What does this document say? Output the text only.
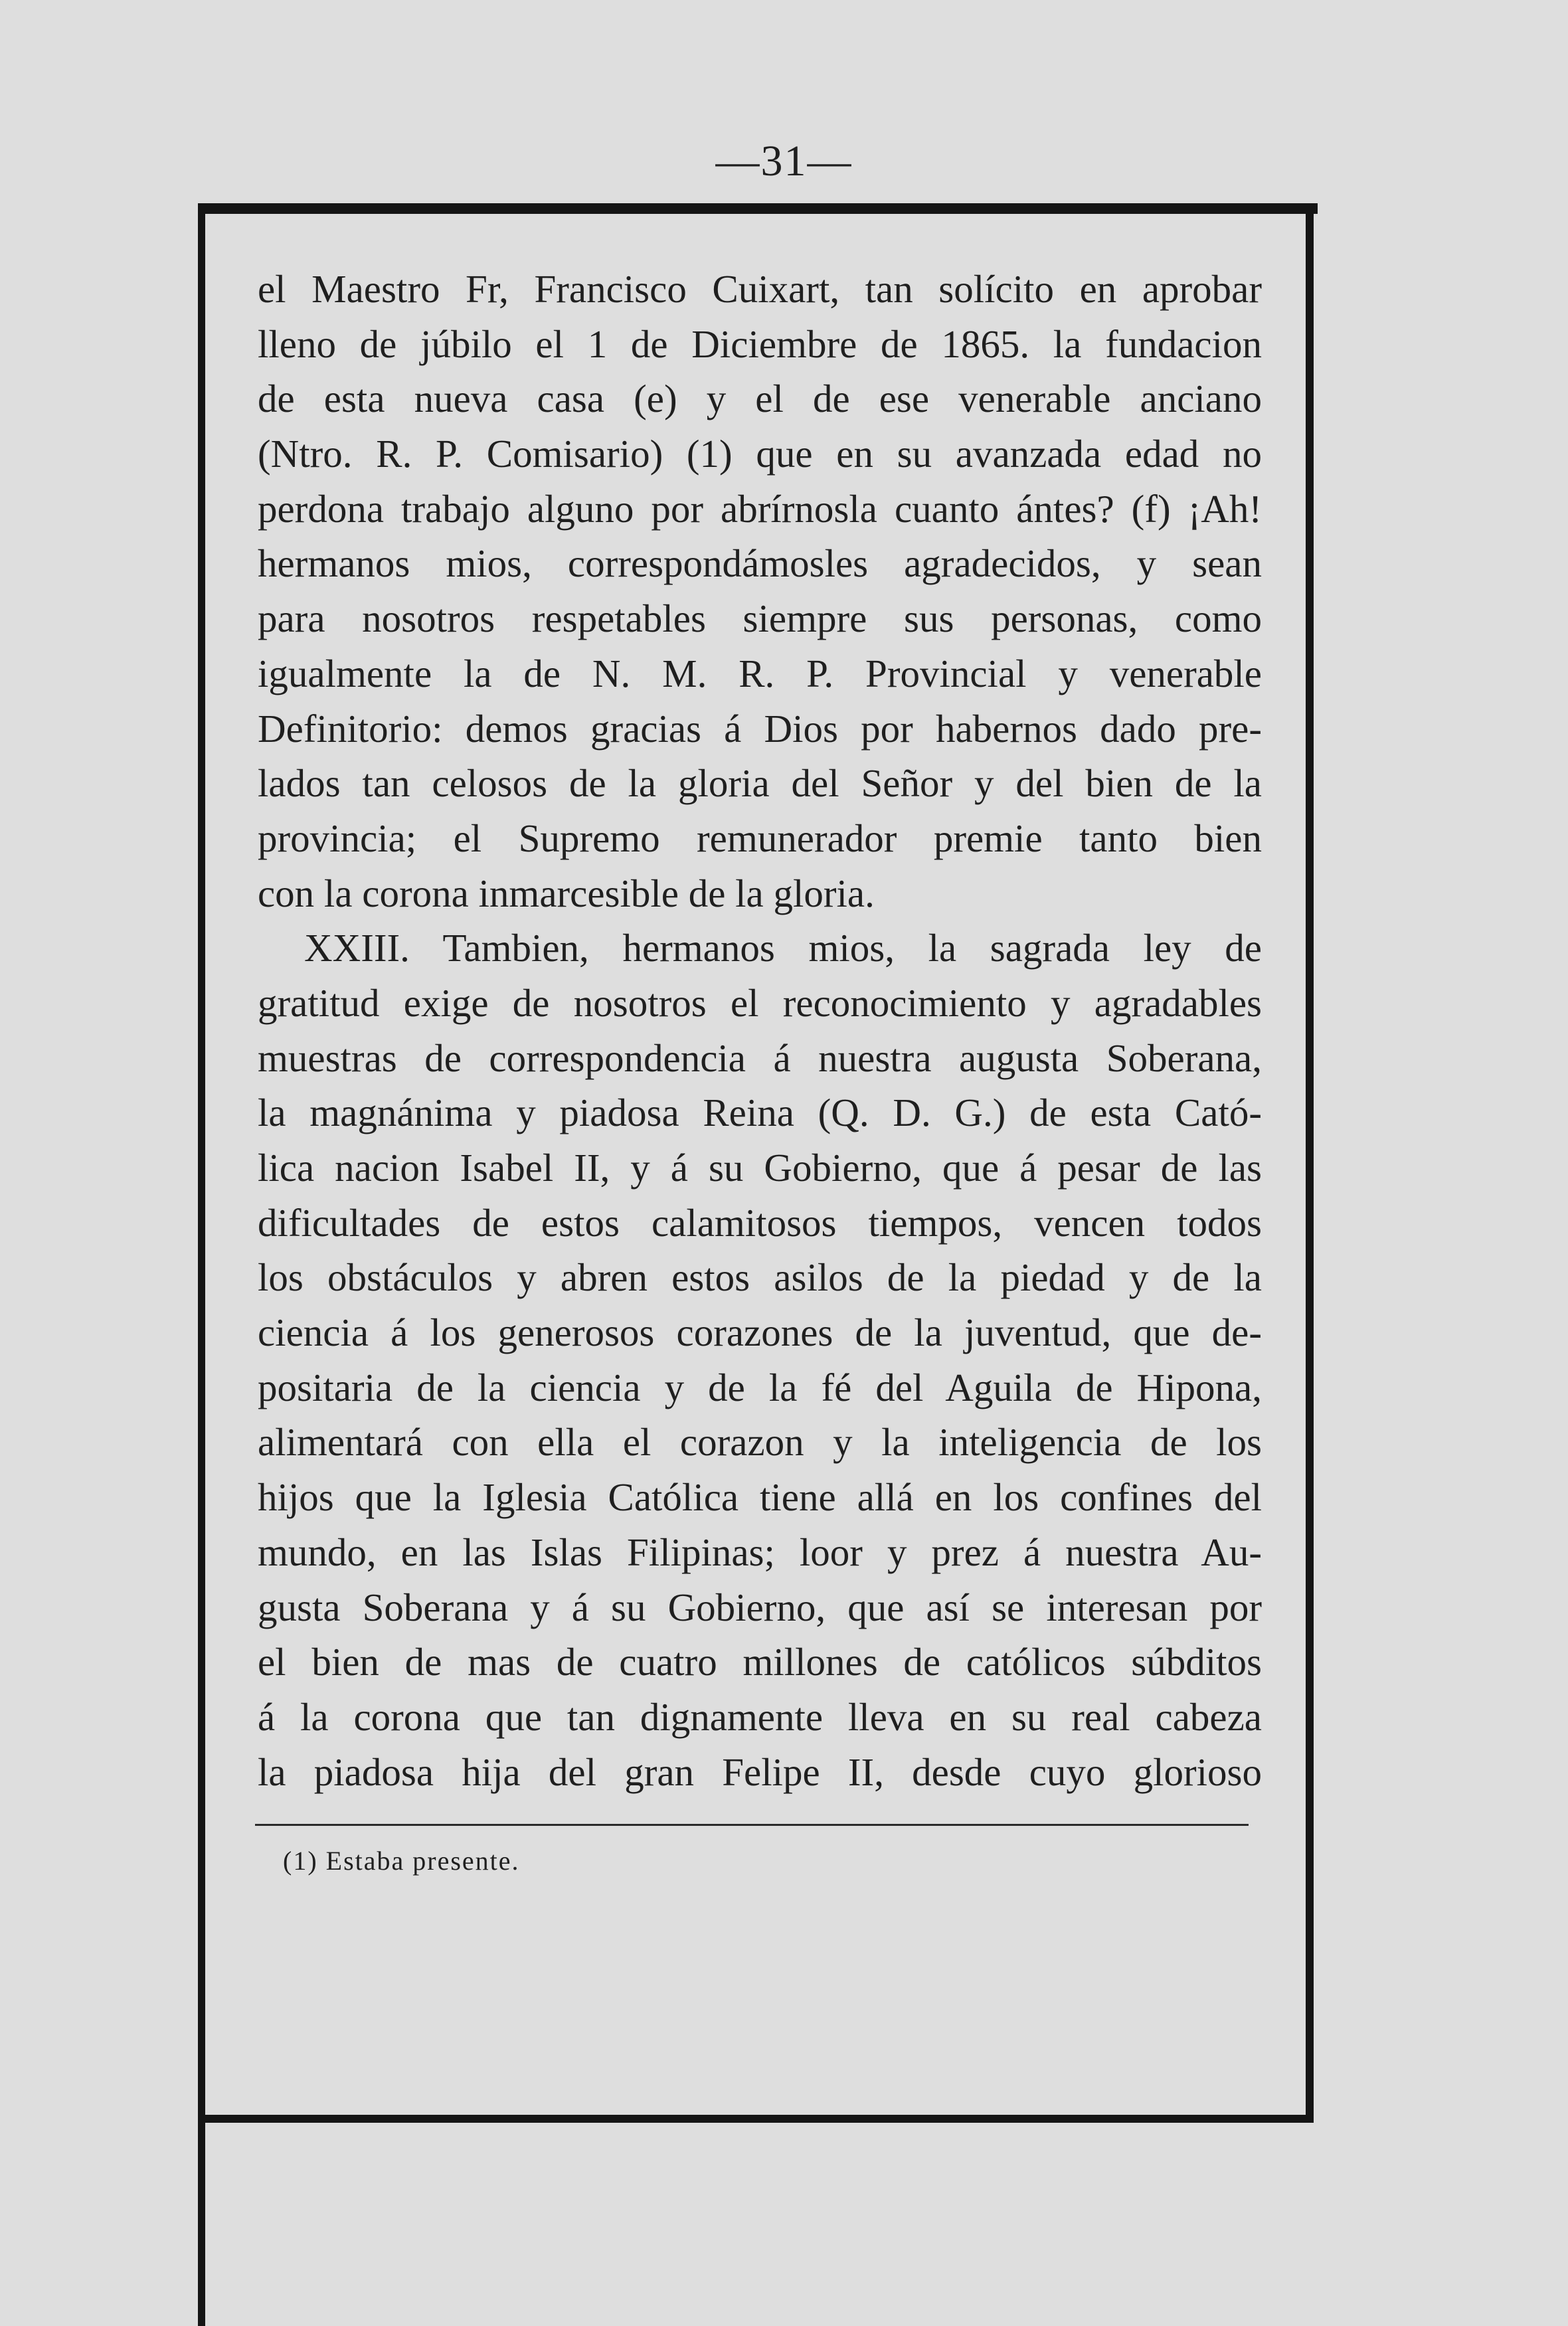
—31—
el Maestro Fr, Francisco Cuixart, tan solícito en aprobar
lleno de júbilo el 1 de Diciembre de 1865. la fundacion
de esta nueva casa (e) y el de ese venerable anciano
(Ntro. R. P. Comisario) (1) que en su avanzada edad no
perdona trabajo alguno por abrírnosla cuanto ántes? (f) ¡Ah!
hermanos mios, correspondámosles agradecidos, y sean
para nosotros respetables siempre sus personas, como
igualmente la de N. M. R. P. Provincial y venerable
Definitorio: demos gracias á Dios por habernos dado pre-
lados tan celosos de la gloria del Señor y del bien de la
provincia; el Supremo remunerador premie tanto bien
con la corona inmarcesible de la gloria.
XXIII. Tambien, hermanos mios, la sagrada ley de
gratitud exige de nosotros el reconocimiento y agradables
muestras de correspondencia á nuestra augusta Soberana,
la magnánima y piadosa Reina (Q. D. G.) de esta Cató-
lica nacion Isabel II, y á su Gobierno, que á pesar de las
dificultades de estos calamitosos tiempos, vencen todos
los obstáculos y abren estos asilos de la piedad y de la
ciencia á los generosos corazones de la juventud, que de-
positaria de la ciencia y de la fé del Aguila de Hipona,
alimentará con ella el corazon y la inteligencia de los
hijos que la Iglesia Católica tiene allá en los confines del
mundo, en las Islas Filipinas; loor y prez á nuestra Au-
gusta Soberana y á su Gobierno, que así se interesan por
el bien de mas de cuatro millones de católicos súbditos
á la corona que tan dignamente lleva en su real cabeza
la piadosa hija del gran Felipe II, desde cuyo glorioso
(1) Estaba presente.
